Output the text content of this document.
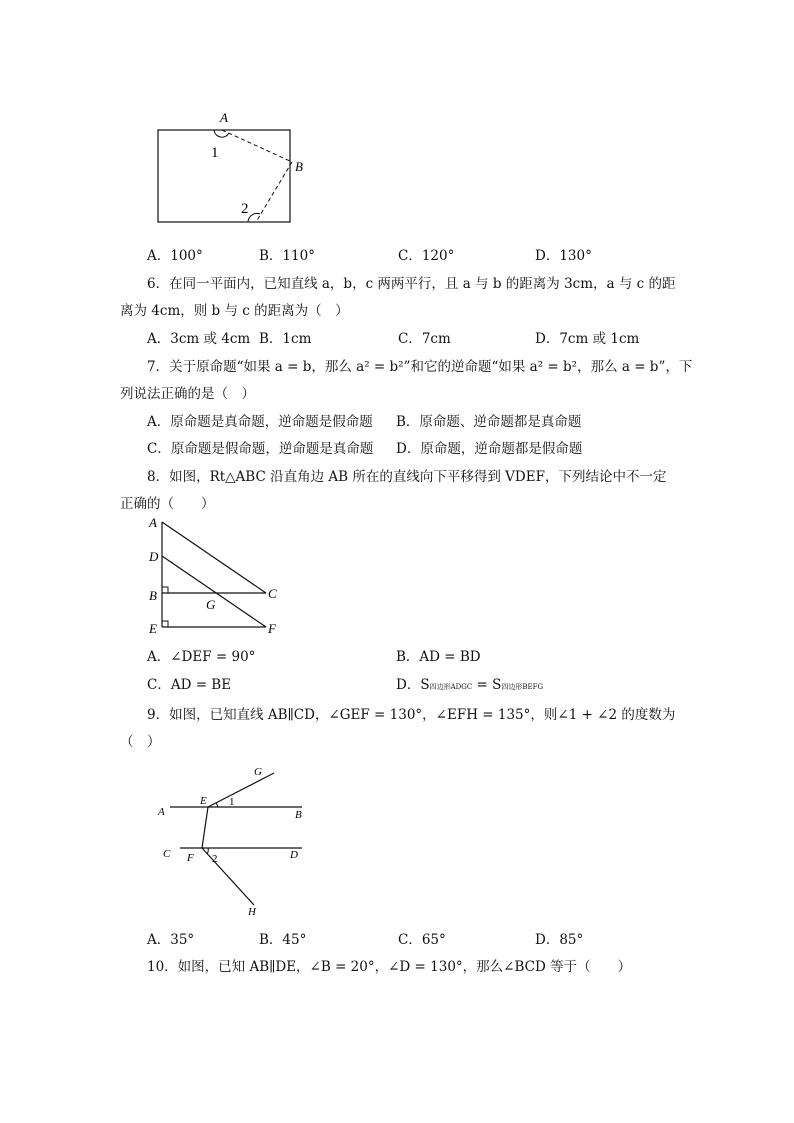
A
1
B
2
A．100°	B．110°	C．120°	D．130°
6．在同一平面内，已知直线 a，b，c 两两平行，且 a 与 b 的距离为 3cm，a 与 c 的距
离为 4cm，则 b 与 c 的距离为（　）
A．3cm 或 4cm B．1cm	C．7cm	D．7cm 或 1cm
7．关于原命题“如果 a = b，那么 a² = b²”和它的逆命题“如果 a² = b²，那么 a = b”，下
列说法正确的是（　）
A．原命题是真命题，逆命题是假命题 B．原命题、逆命题都是真命题
C．原命题是假命题，逆命题是真命题 D．原命题，逆命题都是假命题
8．如图，Rt△ABC 沿直角边 AB 所在的直线向下平移得到 VDEF，下列结论中不一定
正确的（　　）
A
D
B
G
C
E	F
A．∠DEF = 90°	B．AD = BD
C．AD = BE	D．S四边形ADGC = S四边形BEFG
9．如图，已知直线 AB∥CD，∠GEF = 130°，∠EFH = 135°，则∠1 + ∠2 的度数为
（　）
G
E 1
A	B
C F 2	D
H
A．35°	B．45°	C．65°	D．85°
10．如图，已知 AB∥DE，∠B = 20°，∠D = 130°，那么∠BCD 等于（　　）
